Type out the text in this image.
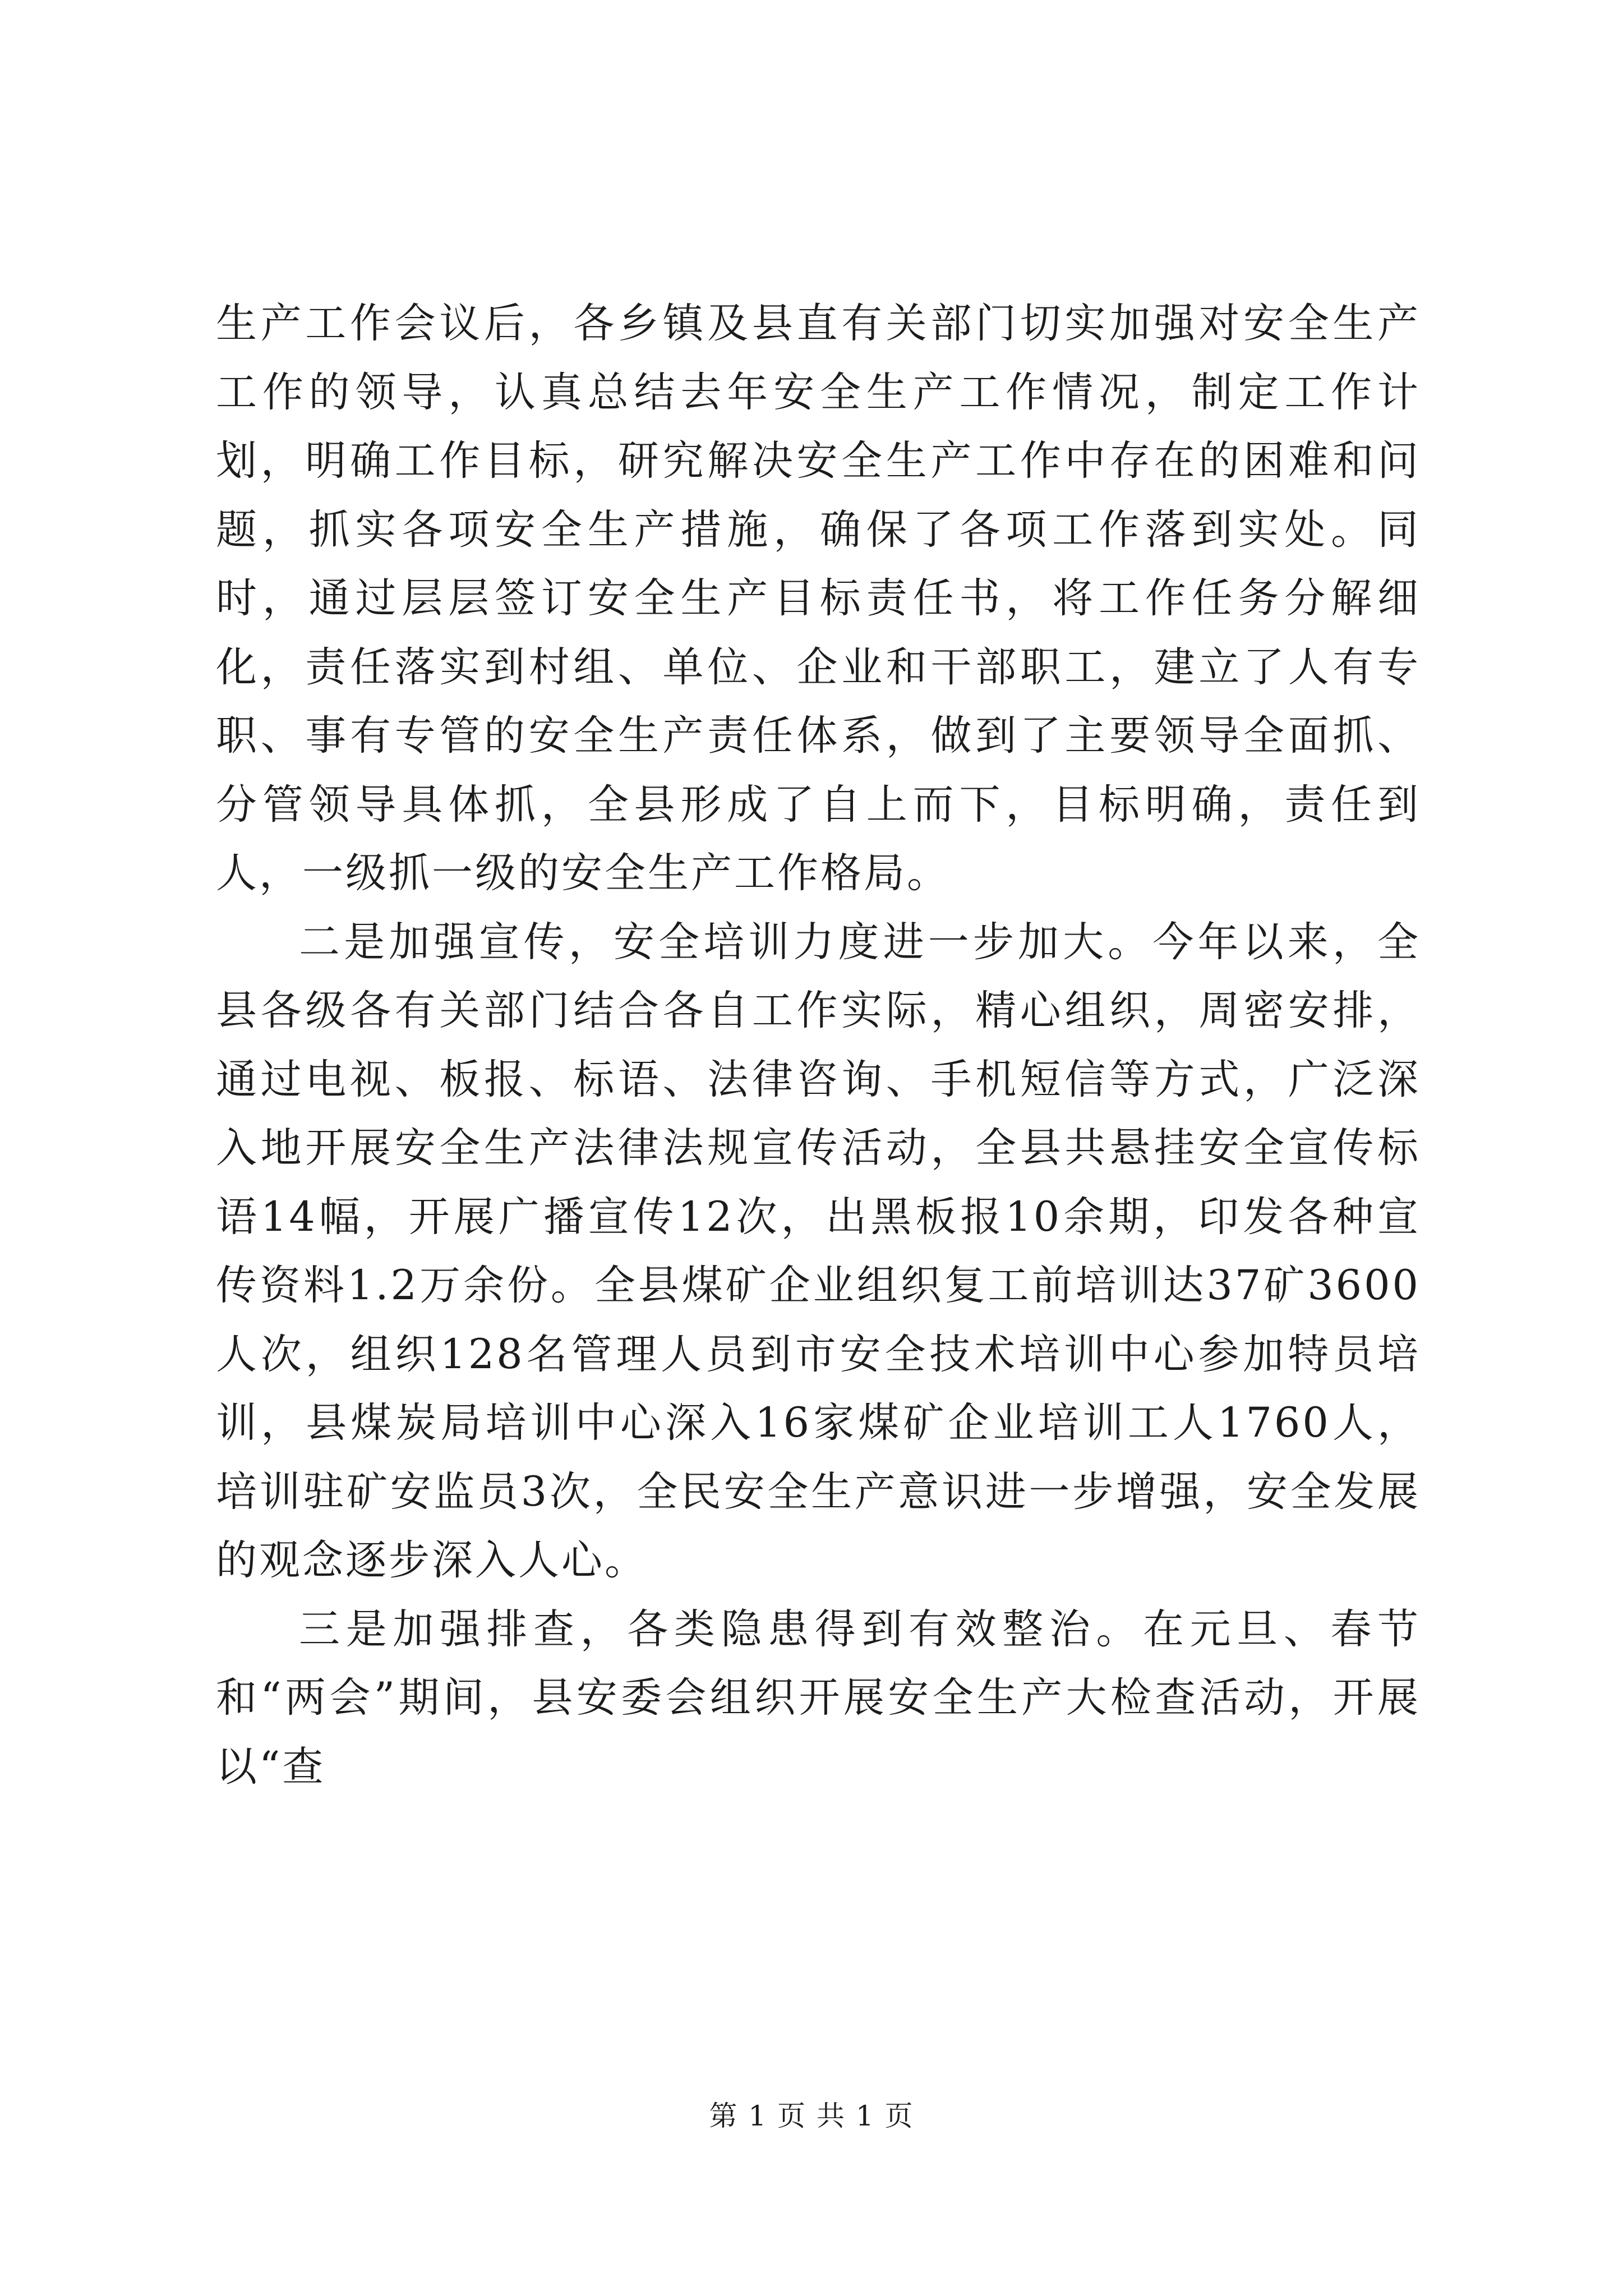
生产工作会议后，各乡镇及县直有关部门切实加强对安全生产工作的领导，认真总结去年安全生产工作情况，制定工作计划，明确工作目标，研究解决安全生产工作中存在的困难和问题，抓实各项安全生产措施，确保了各项工作落到实处。同时，通过层层签订安全生产目标责任书，将工作任务分解细化，责任落实到村组、单位、企业和干部职工，建立了人有专职、事有专管的安全生产责任体系，做到了主要领导全面抓、分管领导具体抓，全县形成了自上而下，目标明确，责任到人，一级抓一级的安全生产工作格局。

二是加强宣传，安全培训力度进一步加大。今年以来，全县各级各有关部门结合各自工作实际，精心组织，周密安排，通过电视、板报、标语、法律咨询、手机短信等方式，广泛深入地开展安全生产法律法规宣传活动，全县共悬挂安全宣传标语14幅，开展广播宣传12次，出黑板报10余期，印发各种宣传资料1.2万余份。全县煤矿企业组织复工前培训达37矿3600人次，组织128名管理人员到市安全技术培训中心参加特员培训，县煤炭局培训中心深入16家煤矿企业培训工人1760人，培训驻矿安监员3次，全民安全生产意识进一步增强，安全发展的观念逐步深入人心。

三是加强排查，各类隐患得到有效整治。在元旦、春节和“两会”期间，县安委会组织开展安全生产大检查活动，开展以“查

第 1 页 共 1 页
